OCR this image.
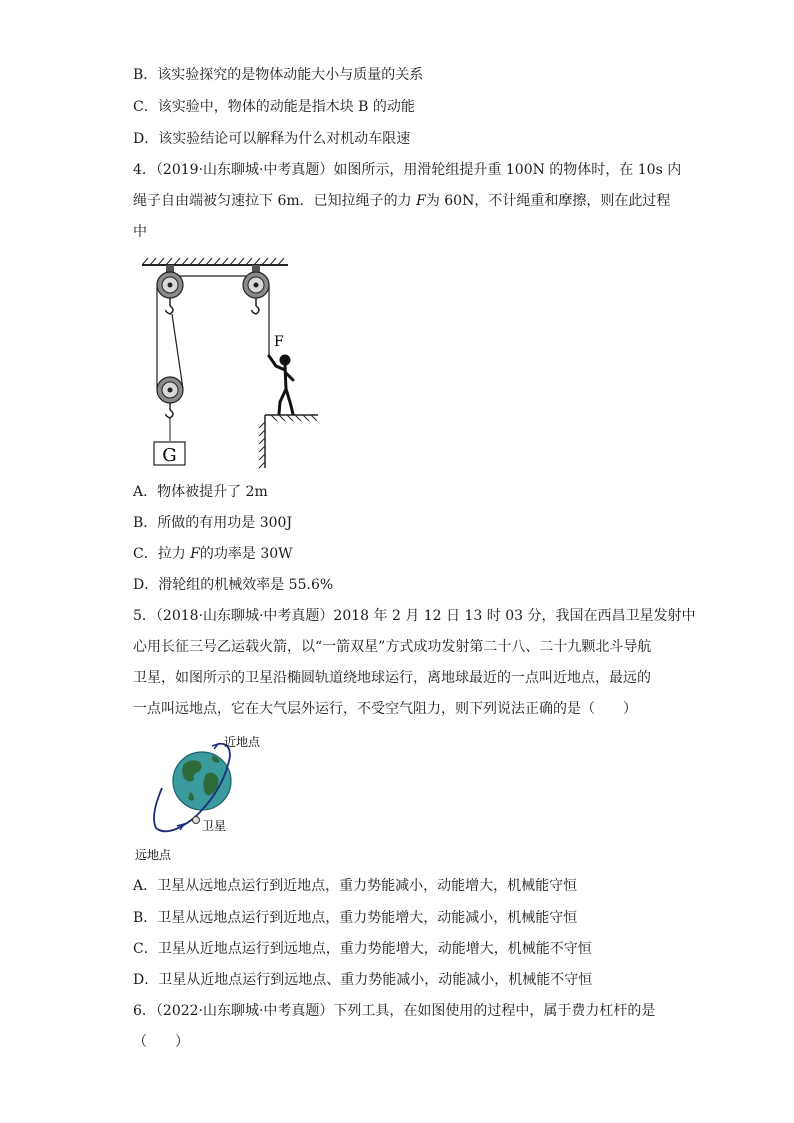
B．该实验探究的是物体动能大小与质量的关系
C．该实验中，物体的动能是指木块 B 的动能
D．该实验结论可以解释为什么对机动车限速
4．（2019·山东聊城·中考真题）如图所示，用滑轮组提升重 100N 的物体时，在 10s 内
绳子自由端被匀速拉下 6m．已知拉绳子的力 F为 60N，不计绳重和摩擦，则在此过程
中
G
F
A．物体被提升了 2m
B．所做的有用功是 300J
C．拉力 F的功率是 30W
D．滑轮组的机械效率是 55.6%
5．（2018·山东聊城·中考真题）2018 年 2 月 12 日 13 时 03 分，我国在西昌卫星发射中
心用长征三号乙运载火箭，以“一箭双星”方式成功发射第二十八、二十九颗北斗导航
卫星，如图所示的卫星沿椭圆轨道绕地球运行，离地球最近的一点叫近地点，最远的
一点叫远地点，它在大气层外运行，不受空气阻力，则下列说法正确的是（　　）
近地点
卫星
远地点
A．卫星从远地点运行到近地点，重力势能减小，动能增大，机械能守恒
B．卫星从远地点运行到近地点，重力势能增大，动能减小，机械能守恒
C．卫星从近地点运行到远地点，重力势能增大，动能增大，机械能不守恒
D．卫星从近地点运行到远地点、重力势能减小，动能减小，机械能不守恒
6．（2022·山东聊城·中考真题）下列工具，在如图使用的过程中，属于费力杠杆的是
（　　）
